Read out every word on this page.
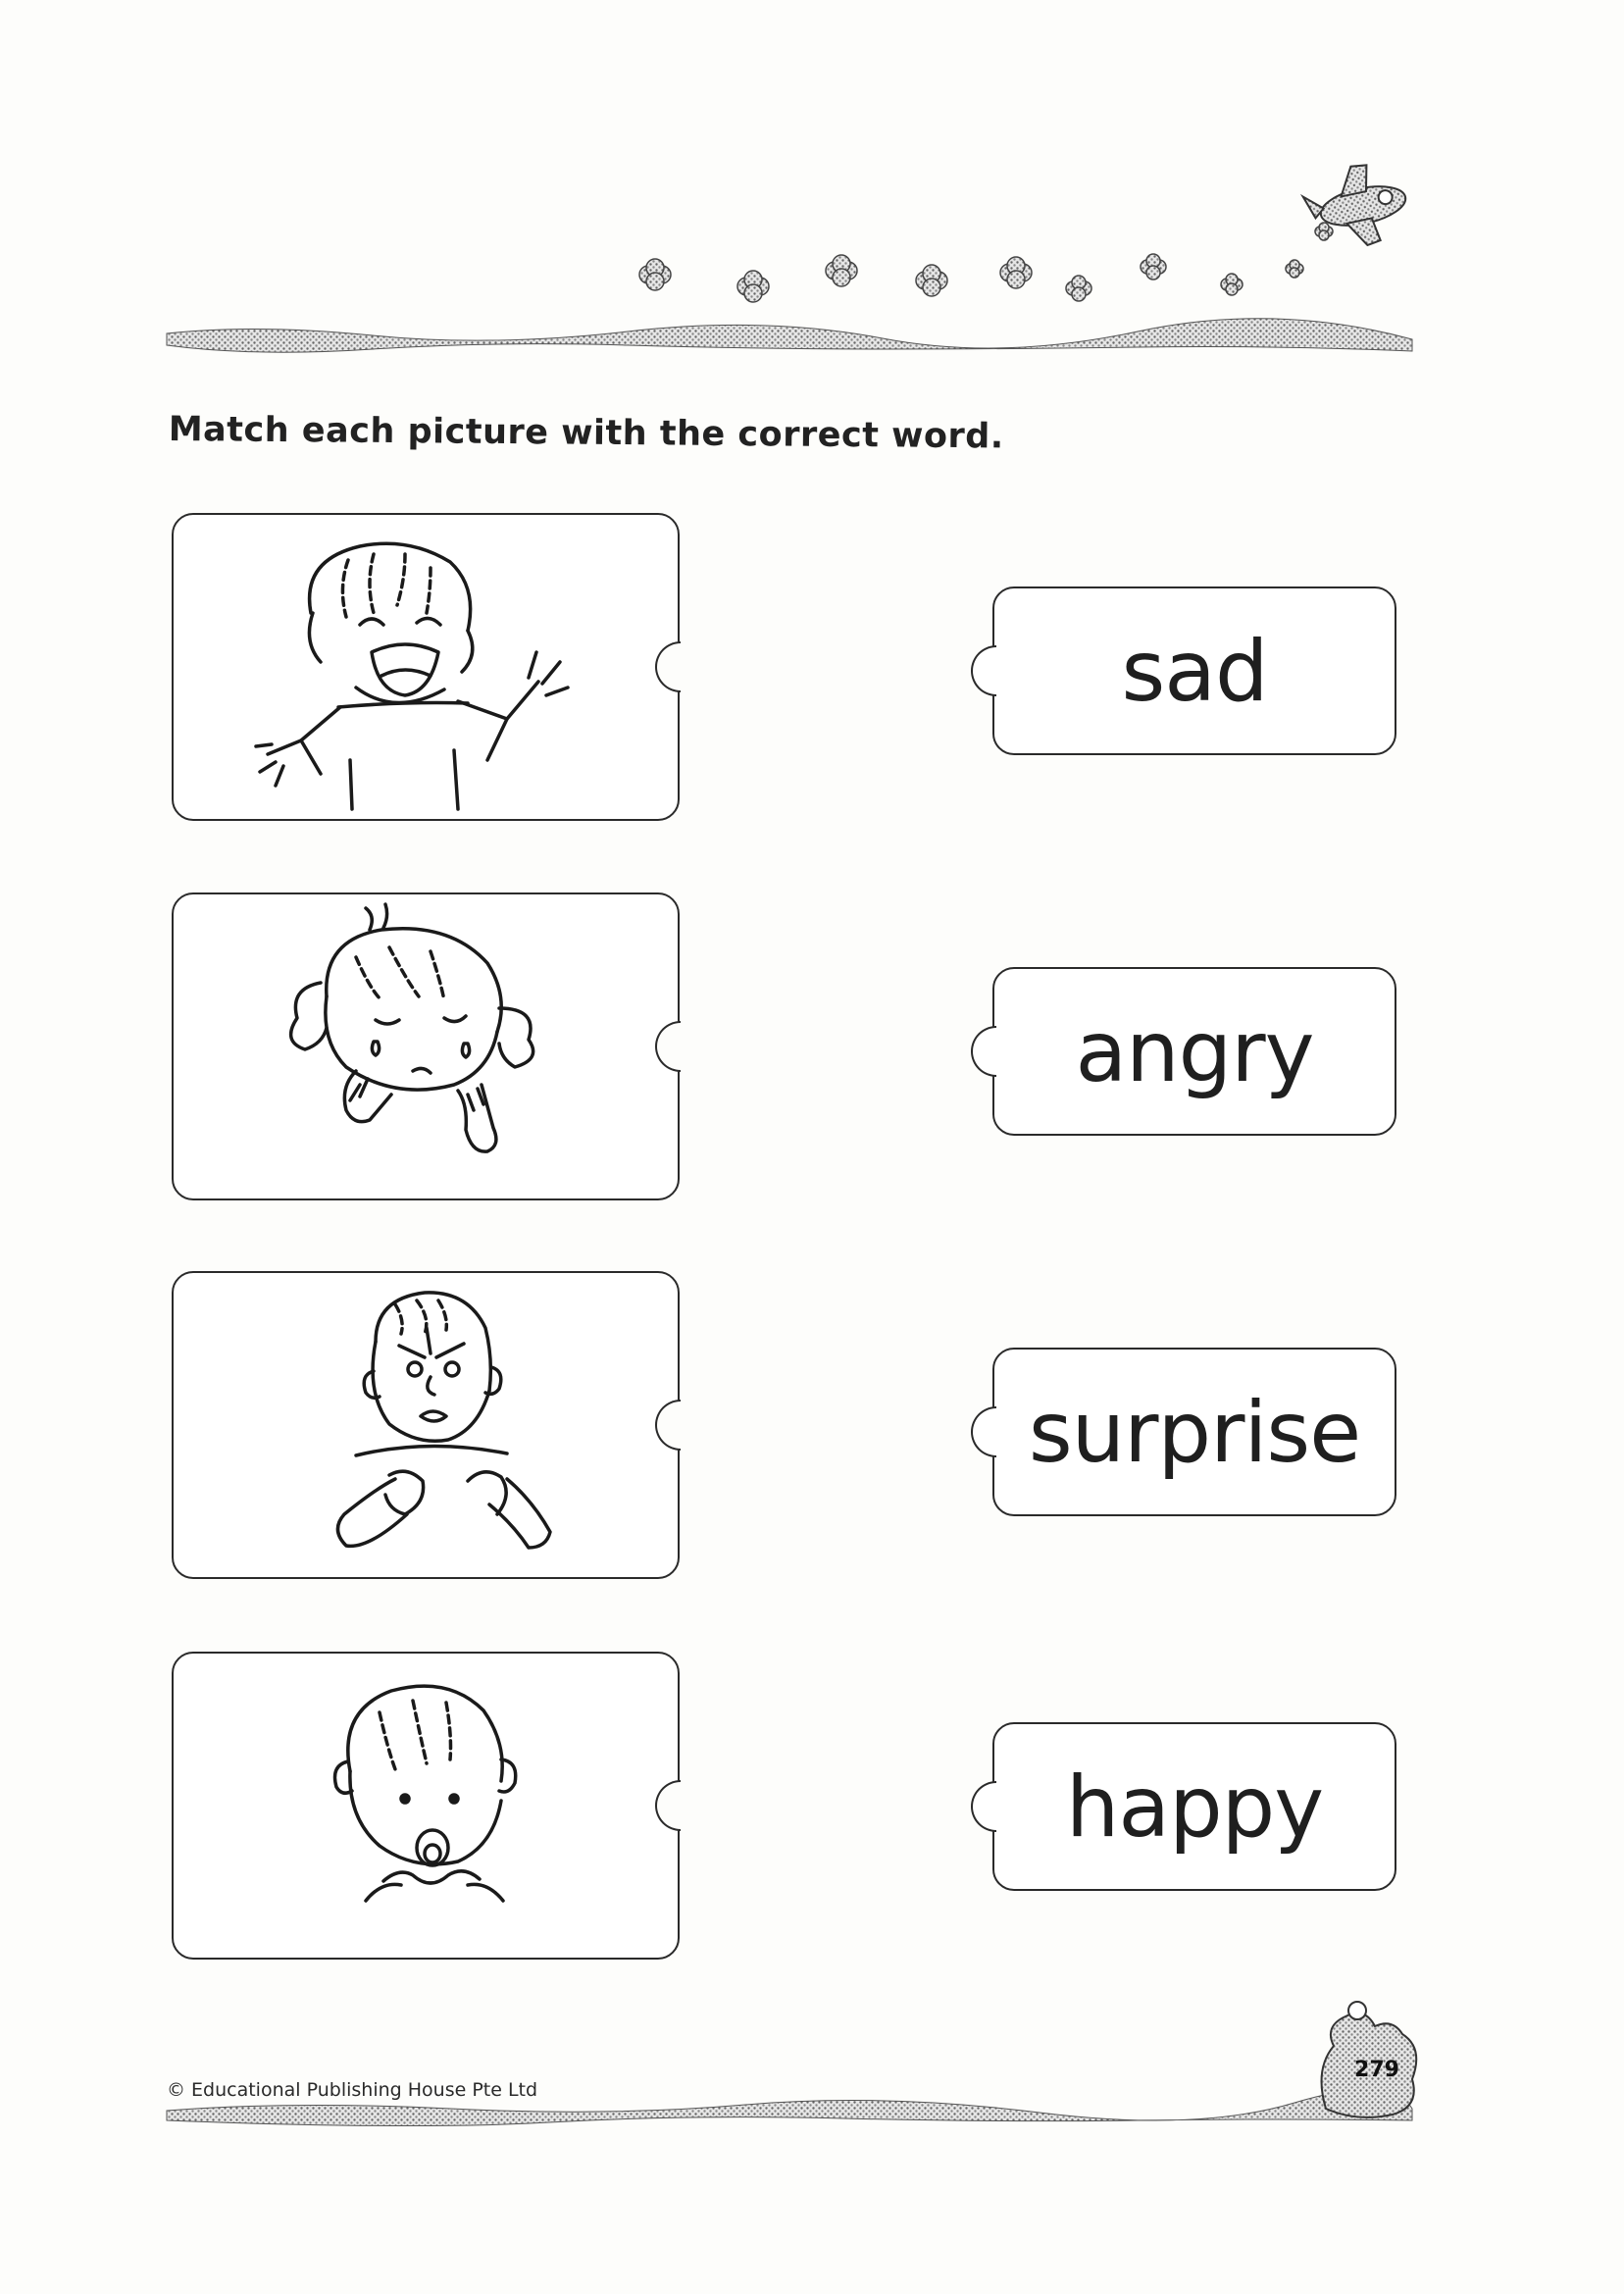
Match each picture with the correct word.
sad
angry
surprise
happy
© Educational Publishing House Pte Ltd
279
